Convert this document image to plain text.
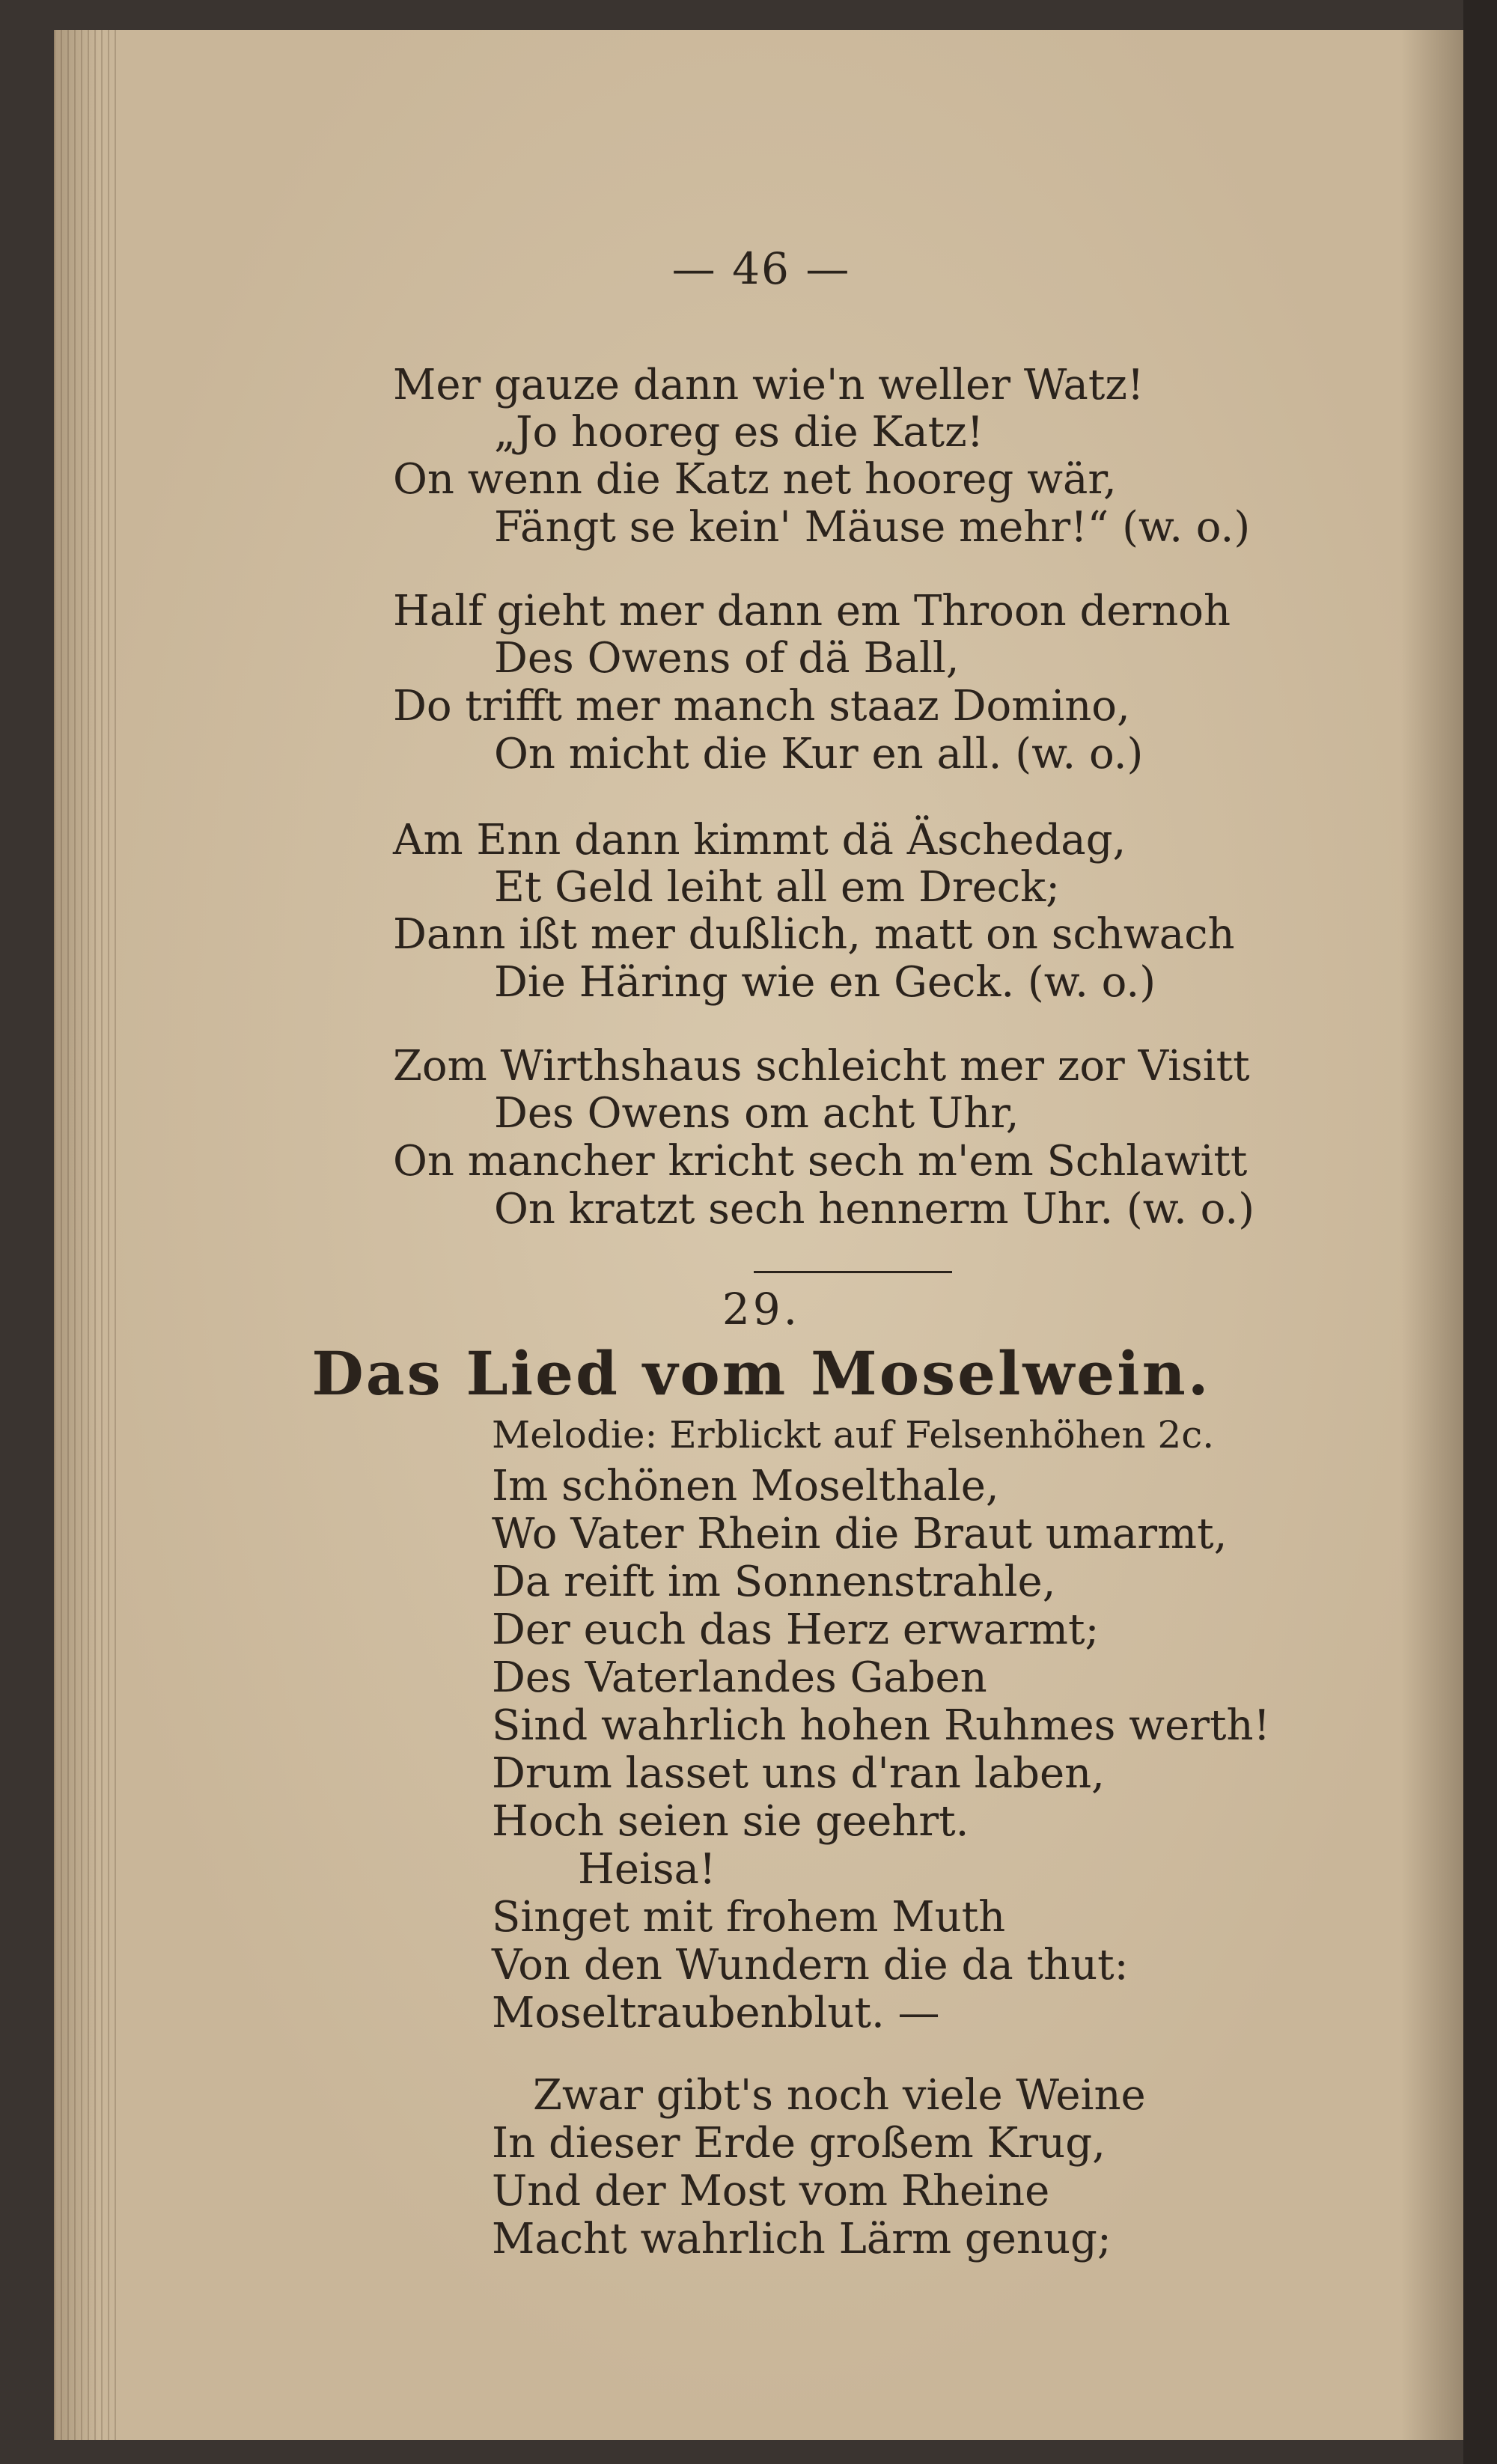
— 46 —
Mer gauze dann wie'n weller Watz!
„Jo hooreg es die Katz!
On wenn die Katz net hooreg wär,
Fängt se kein' Mäuse mehr!“ (w. o.)
Half gieht mer dann em Throon dernoh
Des Owens of dä Ball,
Do trifft mer manch staaz Domino,
On micht die Kur en all. (w. o.)
Am Enn dann kimmt dä Äschedag,
Et Geld leiht all em Dreck;
Dann ißt mer dußlich, matt on schwach
Die Häring wie en Geck. (w. o.)
Zom Wirthshaus schleicht mer zor Visitt
Des Owens om acht Uhr,
On mancher kricht sech m'em Schlawitt
On kratzt sech hennerm Uhr. (w. o.)
29.
Das Lied vom Moselwein.
Melodie: Erblickt auf Felsenhöhen 2c.
Im schönen Moselthale,
Wo Vater Rhein die Braut umarmt,
Da reift im Sonnenstrahle,
Der euch das Herz erwarmt;
Des Vaterlandes Gaben
Sind wahrlich hohen Ruhmes werth!
Drum lasset uns d'ran laben,
Hoch seien sie geehrt.
Heisa!
Singet mit frohem Muth
Von den Wundern die da thut:
Moseltraubenblut. —
Zwar gibt's noch viele Weine
In dieser Erde großem Krug,
Und der Most vom Rheine
Macht wahrlich Lärm genug;
